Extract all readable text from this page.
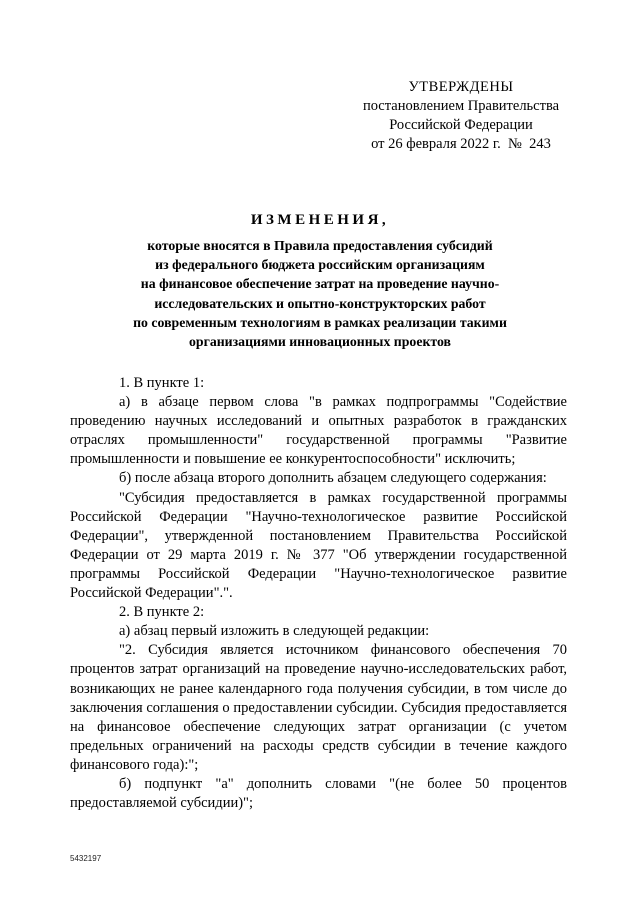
УТВЕРЖДЕНЫ
постановлением Правительства
Российской Федерации
от 26 февраля 2022 г.  №  243
ИЗМЕНЕНИЯ,
которые вносятся в Правила предоставления субсидий
из федерального бюджета российским организациям
на финансовое обеспечение затрат на проведение научно-
исследовательских и опытно-конструкторских работ
по современным технологиям в рамках реализации такими
организациями инновационных проектов

1. В пункте 1:

а) в абзаце первом слова "в рамках подпрограммы "Содействие проведению научных исследований и опытных разработок в гражданских отраслях промышленности" государственной программы "Развитие промышленности и повышение ее конкурентоспособности" исключить;

б) после абзаца второго дополнить абзацем следующего содержания:

"Субсидия предоставляется в рамках государственной программы Российской Федерации "Научно-технологическое развитие Российской Федерации", утвержденной постановлением Правительства Российской Федерации от 29 марта 2019 г. № 377 "Об утверждении государственной программы Российской Федерации "Научно-технологическое развитие Российской Федерации".".

2. В пункте 2:

а) абзац первый изложить в следующей редакции:

"2. Субсидия является источником финансового обеспечения 70 процентов затрат организаций на проведение научно-исследовательских работ, возникающих не ранее календарного года получения субсидии, в том числе до заключения соглашения о предоставлении субсидии. Субсидия предоставляется на финансовое обеспечение следующих затрат организации (с учетом предельных ограничений на расходы средств субсидии в течение каждого финансового года):";

б) подпункт "а" дополнить словами "(не более 50 процентов предоставляемой субсидии)";

5432197
